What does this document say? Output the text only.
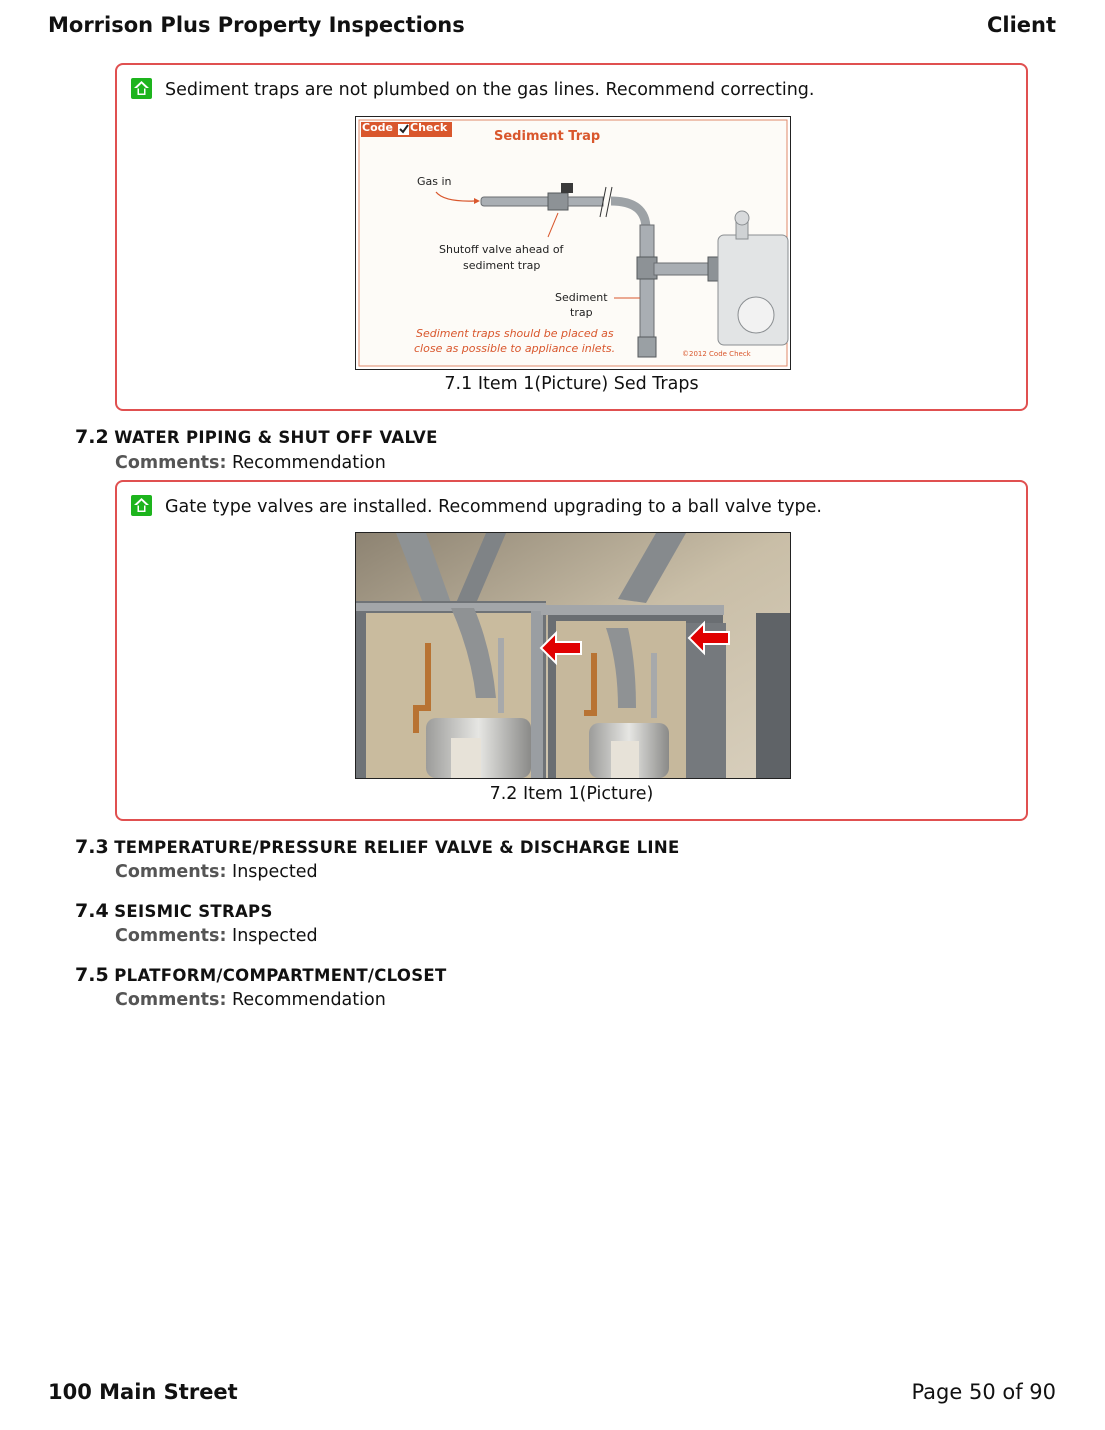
Morrison Plus Property Inspections	Client
Sediment traps are not plumbed on the gas lines. Recommend correcting.
Code Check
Sediment Trap
Gas in
Shutoff valve ahead of
sediment trap
Sediment
trap
Sediment traps should be placed as
close as possible to appliance inlets.	©2012 Code Check
7.1 Item 1(Picture) Sed Traps
7.2 WATER PIPING & SHUT OFF VALVE
Comments: Recommendation
Gate type valves are installed. Recommend upgrading to a ball valve type.
7.2 Item 1(Picture)
7.3 TEMPERATURE/PRESSURE RELIEF VALVE & DISCHARGE LINE
Comments: Inspected
7.4 SEISMIC STRAPS
Comments: Inspected
7.5 PLATFORM/COMPARTMENT/CLOSET
Comments: Recommendation
100 Main Street	Page 50 of 90
